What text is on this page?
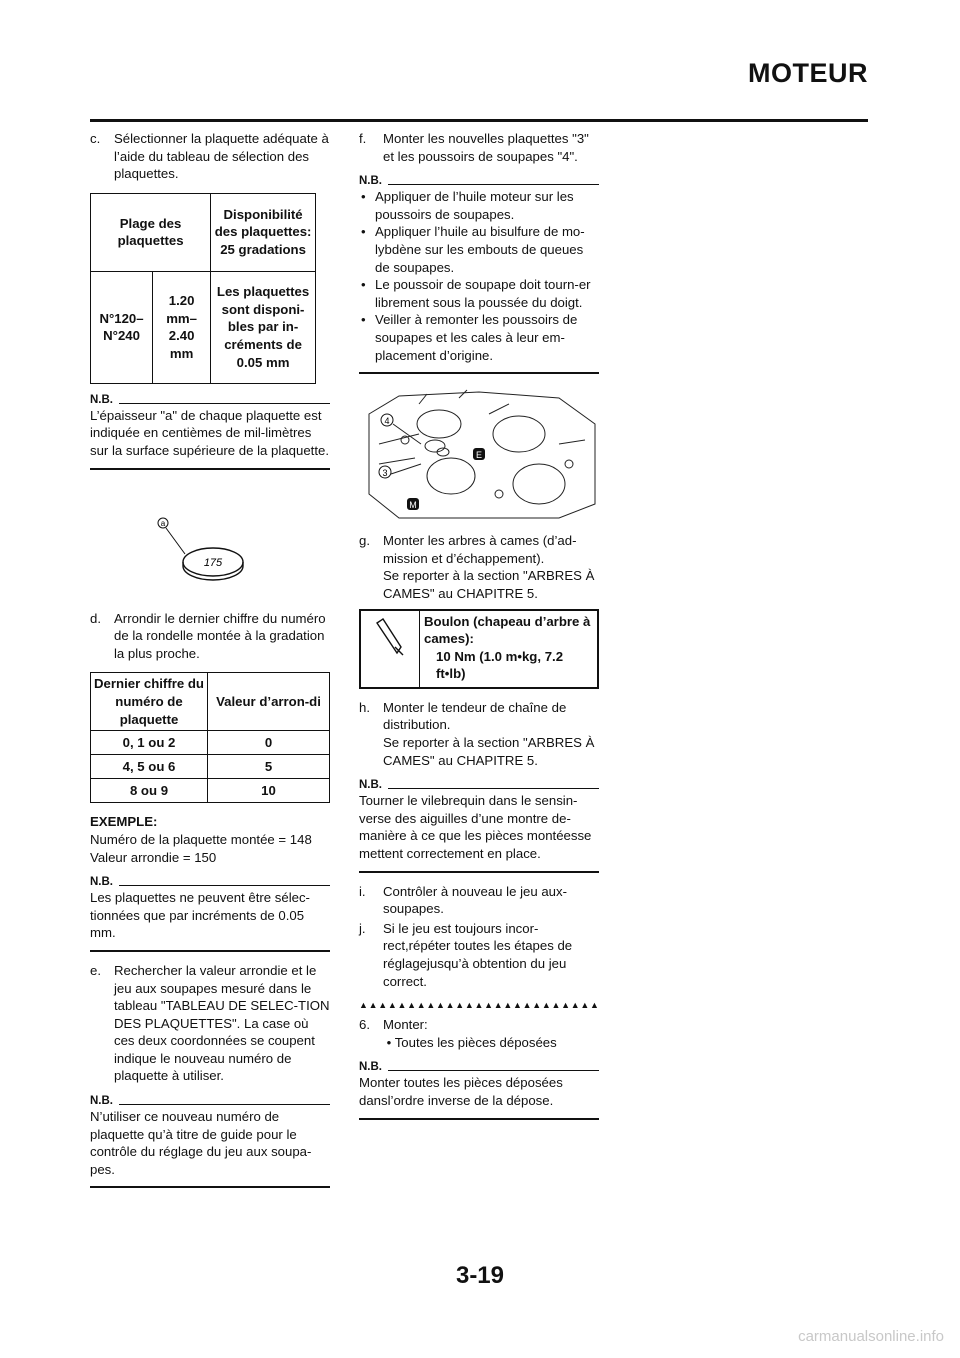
MOTEUR
c.	Sélectionner la plaquette adéquate à l’aide du tableau de sélection des plaquettes.
Plage des plaquettes		Disponibilité des plaquettes: 25 gradations
N°120– N°240	1.20 mm– 2.40 mm	Les plaquettes sont disponi-bles par in-créments de 0.05 mm
N.B.
L’épaisseur "a" de chaque plaquette est indiquée en centièmes de mil-limètres sur la surface supérieure de la plaquette.
a
175
d. Arrondir le dernier chiffre du numéro de la rondelle montée à la gradation la plus proche.
Dernier chiffre du numéro de plaquette	Valeur d’arron-di
0, 1 ou 2	0
4, 5 ou 6	5
8 ou 9	10

EXEMPLE:

Numéro de la plaquette montée = 148

Valeur arrondie = 150

N.B.
Les plaquettes ne peuvent être sélec-tionnées que par incréments de 0.05 mm.
e. Rechercher la valeur arrondie et le jeu aux soupapes mesuré dans le tableau "TABLEAU DE SELEC-TION DES PLAQUETTES". La case où ces deux coordonnées se coupent indique le nouveau numéro de plaquette à utiliser.
N.B.
N’utiliser ce nouveau numéro de plaquette qu’à titre de guide pour le contrôle du réglage du jeu aux soupa-pes.
f.	Monter les nouvelles plaquettes "3" et les poussoirs de soupapes "4".
N.B.
• Appliquer de l’huile moteur sur les poussoirs de soupapes.
• Appliquer l’huile au bisulfure de mo-lybdène sur les embouts de queues de soupapes.
• Le poussoir de soupape doit tourn-er librement sous la poussée du doigt.
• Veiller à remonter les poussoirs de soupapes et les cales à leur em-placement d’origine.
4
3
E
M
g. Monter les arbres à cames (d’ad-mission et d’échappement).
Se reporter à la section "ARBRES À CAMES" au CHAPITRE 5.
Boulon (chapeau d’arbre à cames):
10 Nm (1.0 m•kg, 7.2 ft•lb)
h. Monter le tendeur de chaîne de distribution.
Se reporter à la section "ARBRES À CAMES" au CHAPITRE 5.
N.B.
Tourner le vilebrequin dans le sensin-verse des aiguilles d’une montre de-manière à ce que les pièces montéesse mettent correctement en place.
i.	Contrôler à nouveau le jeu aux-soupapes.
j.	Si le jeu est toujours incor-rect,répéter toutes les étapes de réglagejusqu’à obtention du jeu correct.
▲ ▲ ▲ ▲ ▲ ▲ ▲ ▲ ▲ ▲ ▲ ▲ ▲ ▲ ▲ ▲ ▲ ▲ ▲ ▲ ▲ ▲ ▲ ▲ ▲
6. Monter:
• Toutes les pièces déposées
N.B.
Monter toutes les pièces déposées dansl’ordre inverse de la dépose.
3-19
carmanualsonline.info
